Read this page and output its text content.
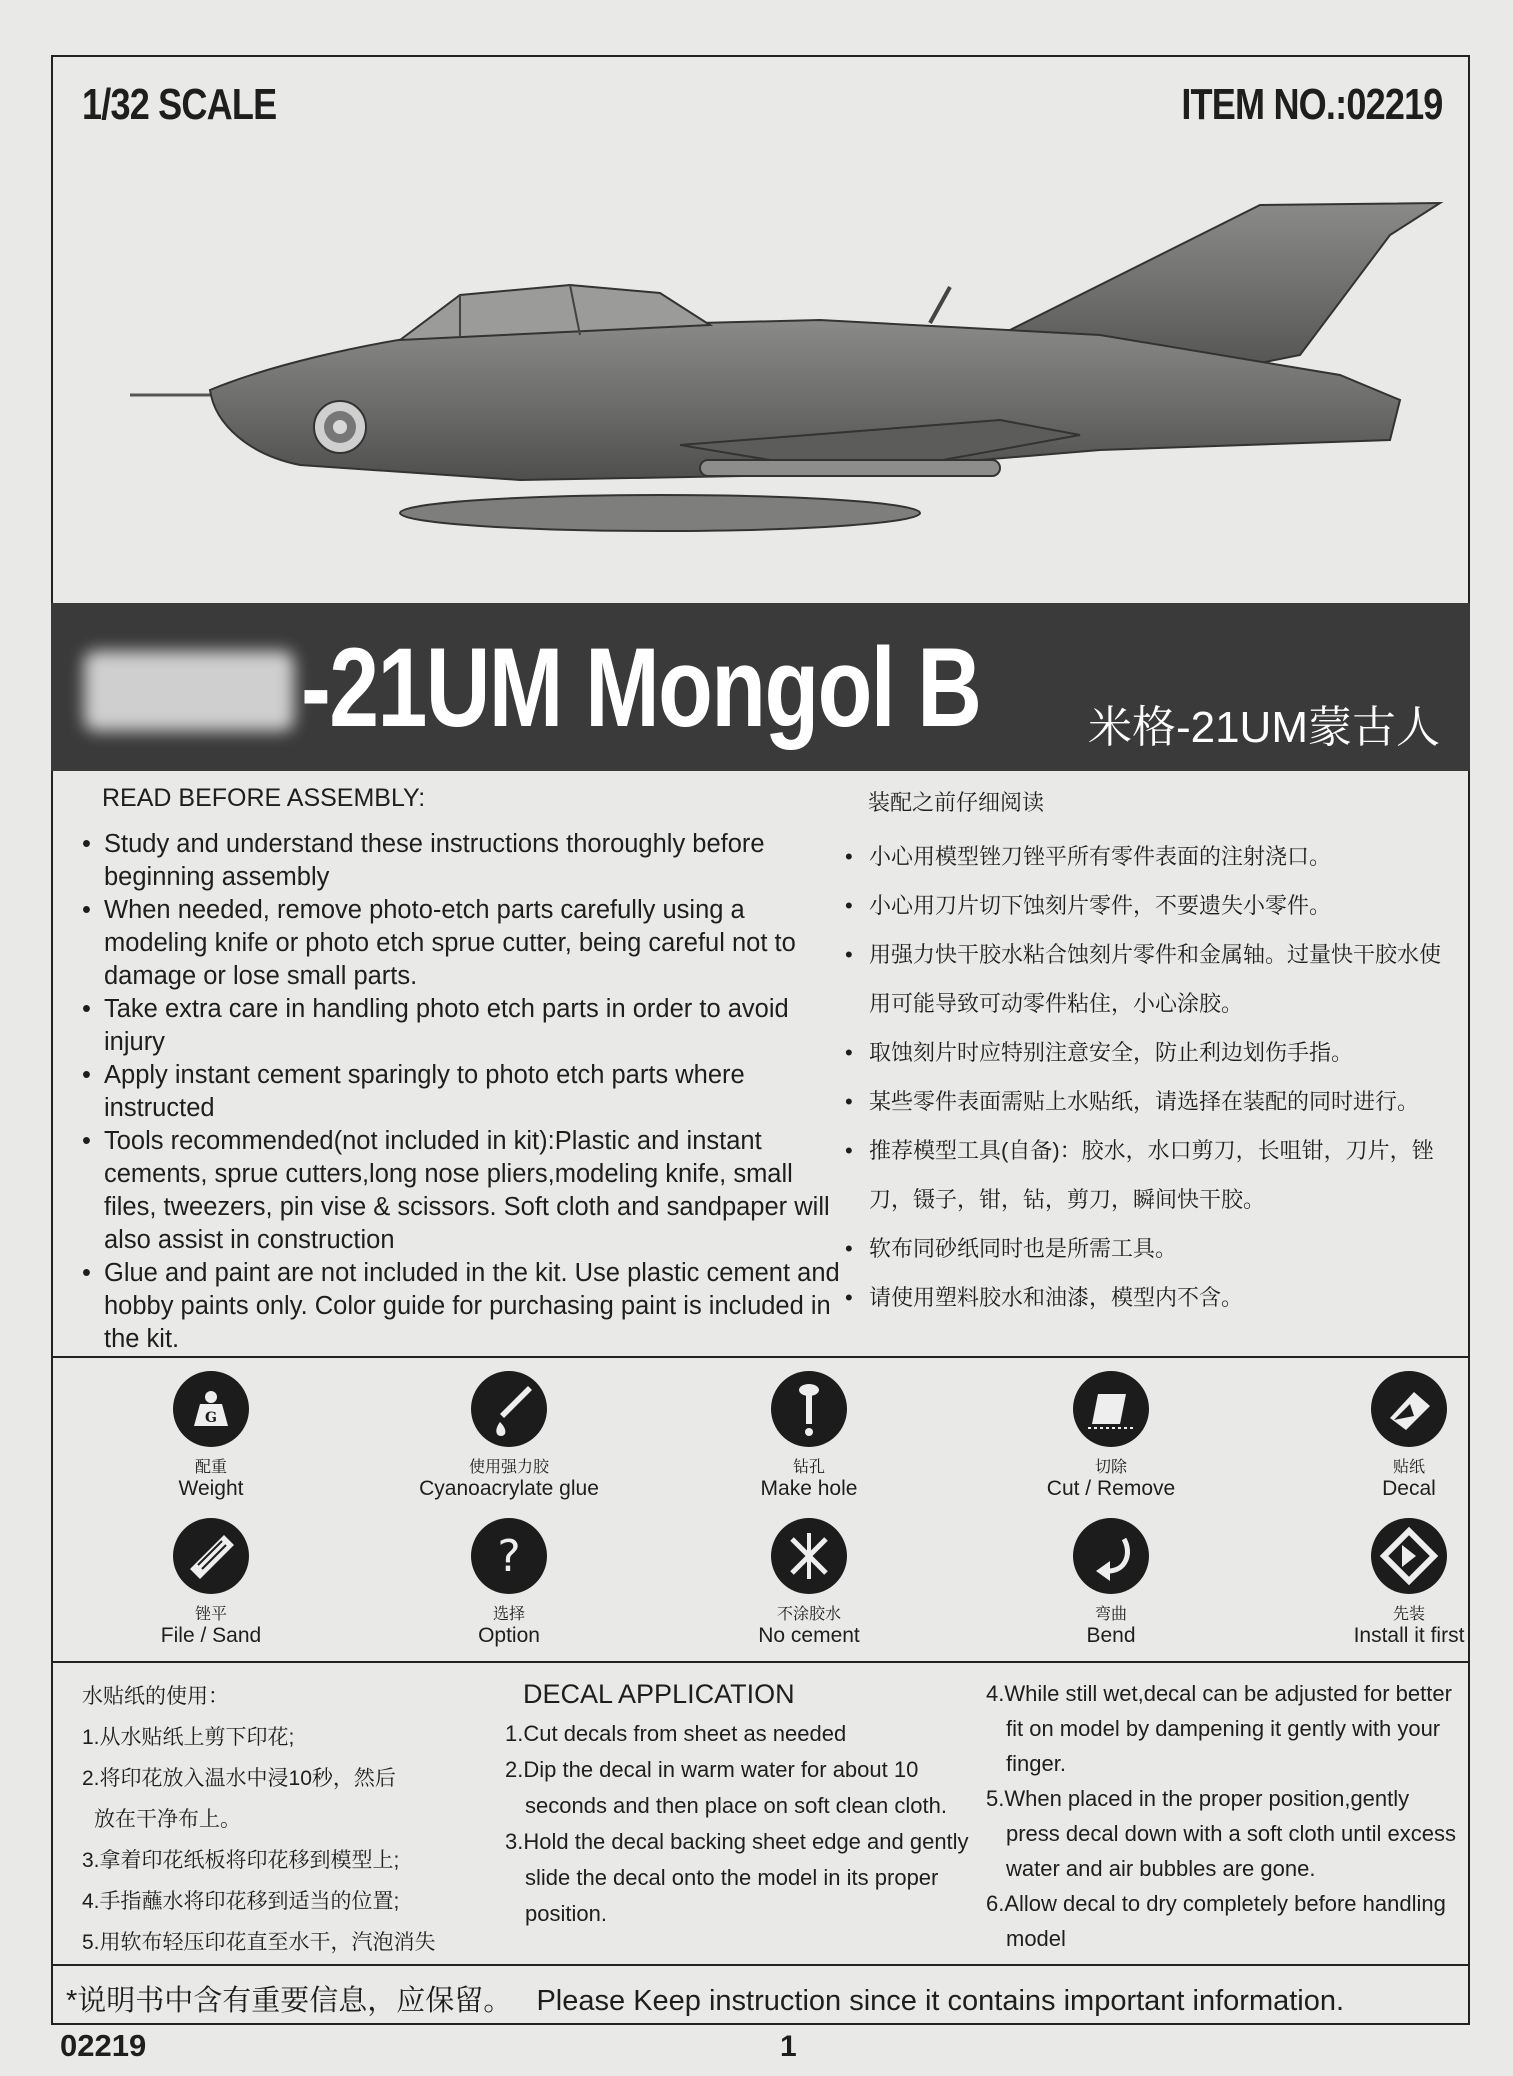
1/32 SCALE	ITEM NO.:02219
-21UM Mongol B 米格-21UM蒙古人
READ BEFORE ASSEMBLY:	装配之前仔细阅读
• Study and understand these instructions thoroughly before beginning assembly
• When needed, remove photo-etch parts carefully using a modeling knife or photo etch sprue cutter, being careful not to damage or lose small parts.
• Take extra care in handling photo etch parts in order to avoid injury
• Apply instant cement sparingly to photo etch parts where instructed
• Tools recommended(not included in kit):Plastic and instant cements, sprue cutters,long nose pliers,modeling knife, small files, tweezers, pin vise & scissors. Soft cloth and sandpaper will also assist in construction
• Glue and paint are not included in the kit. Use plastic cement and hobby paints only. Color guide for purchasing paint is included in the kit.
• 小心用模型锉刀锉平所有零件表面的注射浇口。
• 小心用刀片切下蚀刻片零件，不要遗失小零件。
• 用强力快干胶水粘合蚀刻片零件和金属轴。过量快干胶水使用可能导致可动零件粘住，小心涂胶。
• 取蚀刻片时应特别注意安全，防止利边划伤手指。
• 某些零件表面需贴上水贴纸，请选择在装配的同时进行。
• 推荐模型工具(自备)：胶水，水口剪刀，长咀钳，刀片，锉刀，镊子，钳，钻，剪刀，瞬间快干胶。
• 软布同砂纸同时也是所需工具。
• 请使用塑料胶水和油漆，模型内不含。
G
配重
Weight
使用强力胶
Cyanoacrylate glue
钻孔
Make hole
切除
Cut / Remove
贴纸
Decal
锉平
File / Sand
?
选择
Option
不涂胶水
No cement
弯曲
Bend
先装
Install it first
水贴纸的使用：
1.从水贴纸上剪下印花;
2.将印花放入温水中浸10秒，然后
放在干净布上。
3.拿着印花纸板将印花移到模型上;
4.手指蘸水将印花移到适当的位置;
5.用软布轻压印花直至水干，汽泡消失
DECAL APPLICATION
1.Cut decals from sheet as needed
2.Dip the decal in warm water for about 10 seconds and then place on soft clean cloth.
3.Hold the decal backing sheet edge and gently slide the decal onto the model in its proper position.
4.While still wet,decal can be adjusted for better fit on model by dampening it gently with your finger.
5.When placed in the proper position,gently press decal down with a soft cloth until excess water and air bubbles are gone.
6.Allow decal to dry completely before handling model
*说明书中含有重要信息，应保留。 Please Keep instruction since it contains important information.
02219	1
